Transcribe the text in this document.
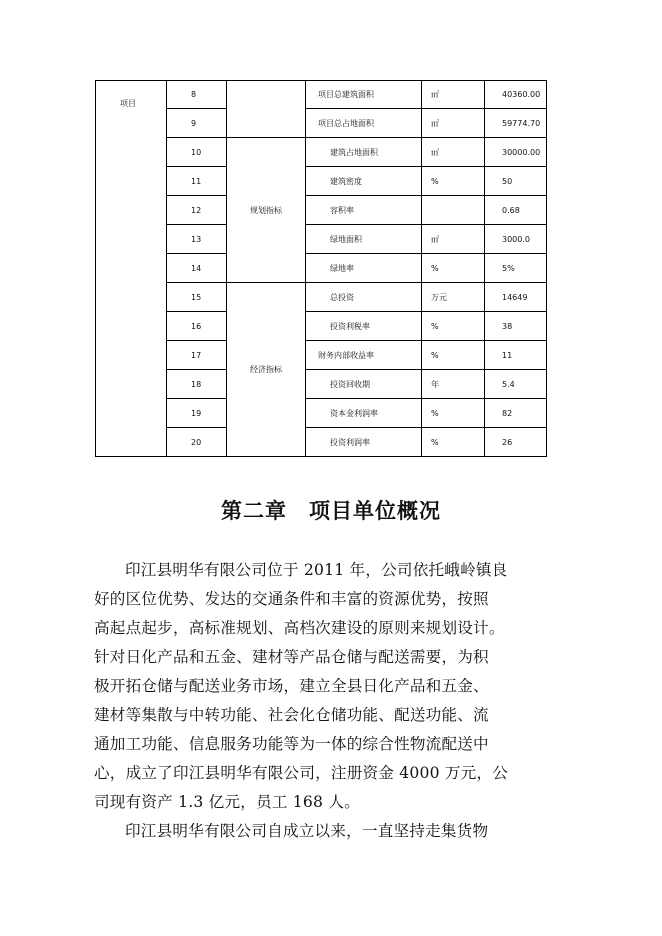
项目	8		项目总建筑面积	㎡	40360.00
	9		项目总占地面积	㎡	59774.70
	10	规划指标	建筑占地面积	㎡	30000.00
	11		建筑密度	%	50
	12		容积率		0.68
	13		绿地面积	㎡	3000.0
	14		绿地率	%	5%
	15	经济指标	总投资	万元	14649
	16		投资利税率	%	38
	17		财务内部收益率	%	11
	18		投资回收期	年	5.4
	19		资本金利润率	%	82
	20		投资利润率	%	26
第二章 项目单位概况
印江县明华有限公司位于 2011 年，公司依托峨岭镇良
好的区位优势、发达的交通条件和丰富的资源优势，按照
高起点起步，高标准规划、高档次建设的原则来规划设计。
针对日化产品和五金、建材等产品仓储与配送需要，为积
极开拓仓储与配送业务市场，建立全县日化产品和五金、
建材等集散与中转功能、社会化仓储功能、配送功能、流
通加工功能、信息服务功能等为一体的综合性物流配送中
心，成立了印江县明华有限公司，注册资金 4000 万元，公
司现有资产 1.3 亿元，员工 168 人。
印江县明华有限公司自成立以来，一直坚持走集货物
